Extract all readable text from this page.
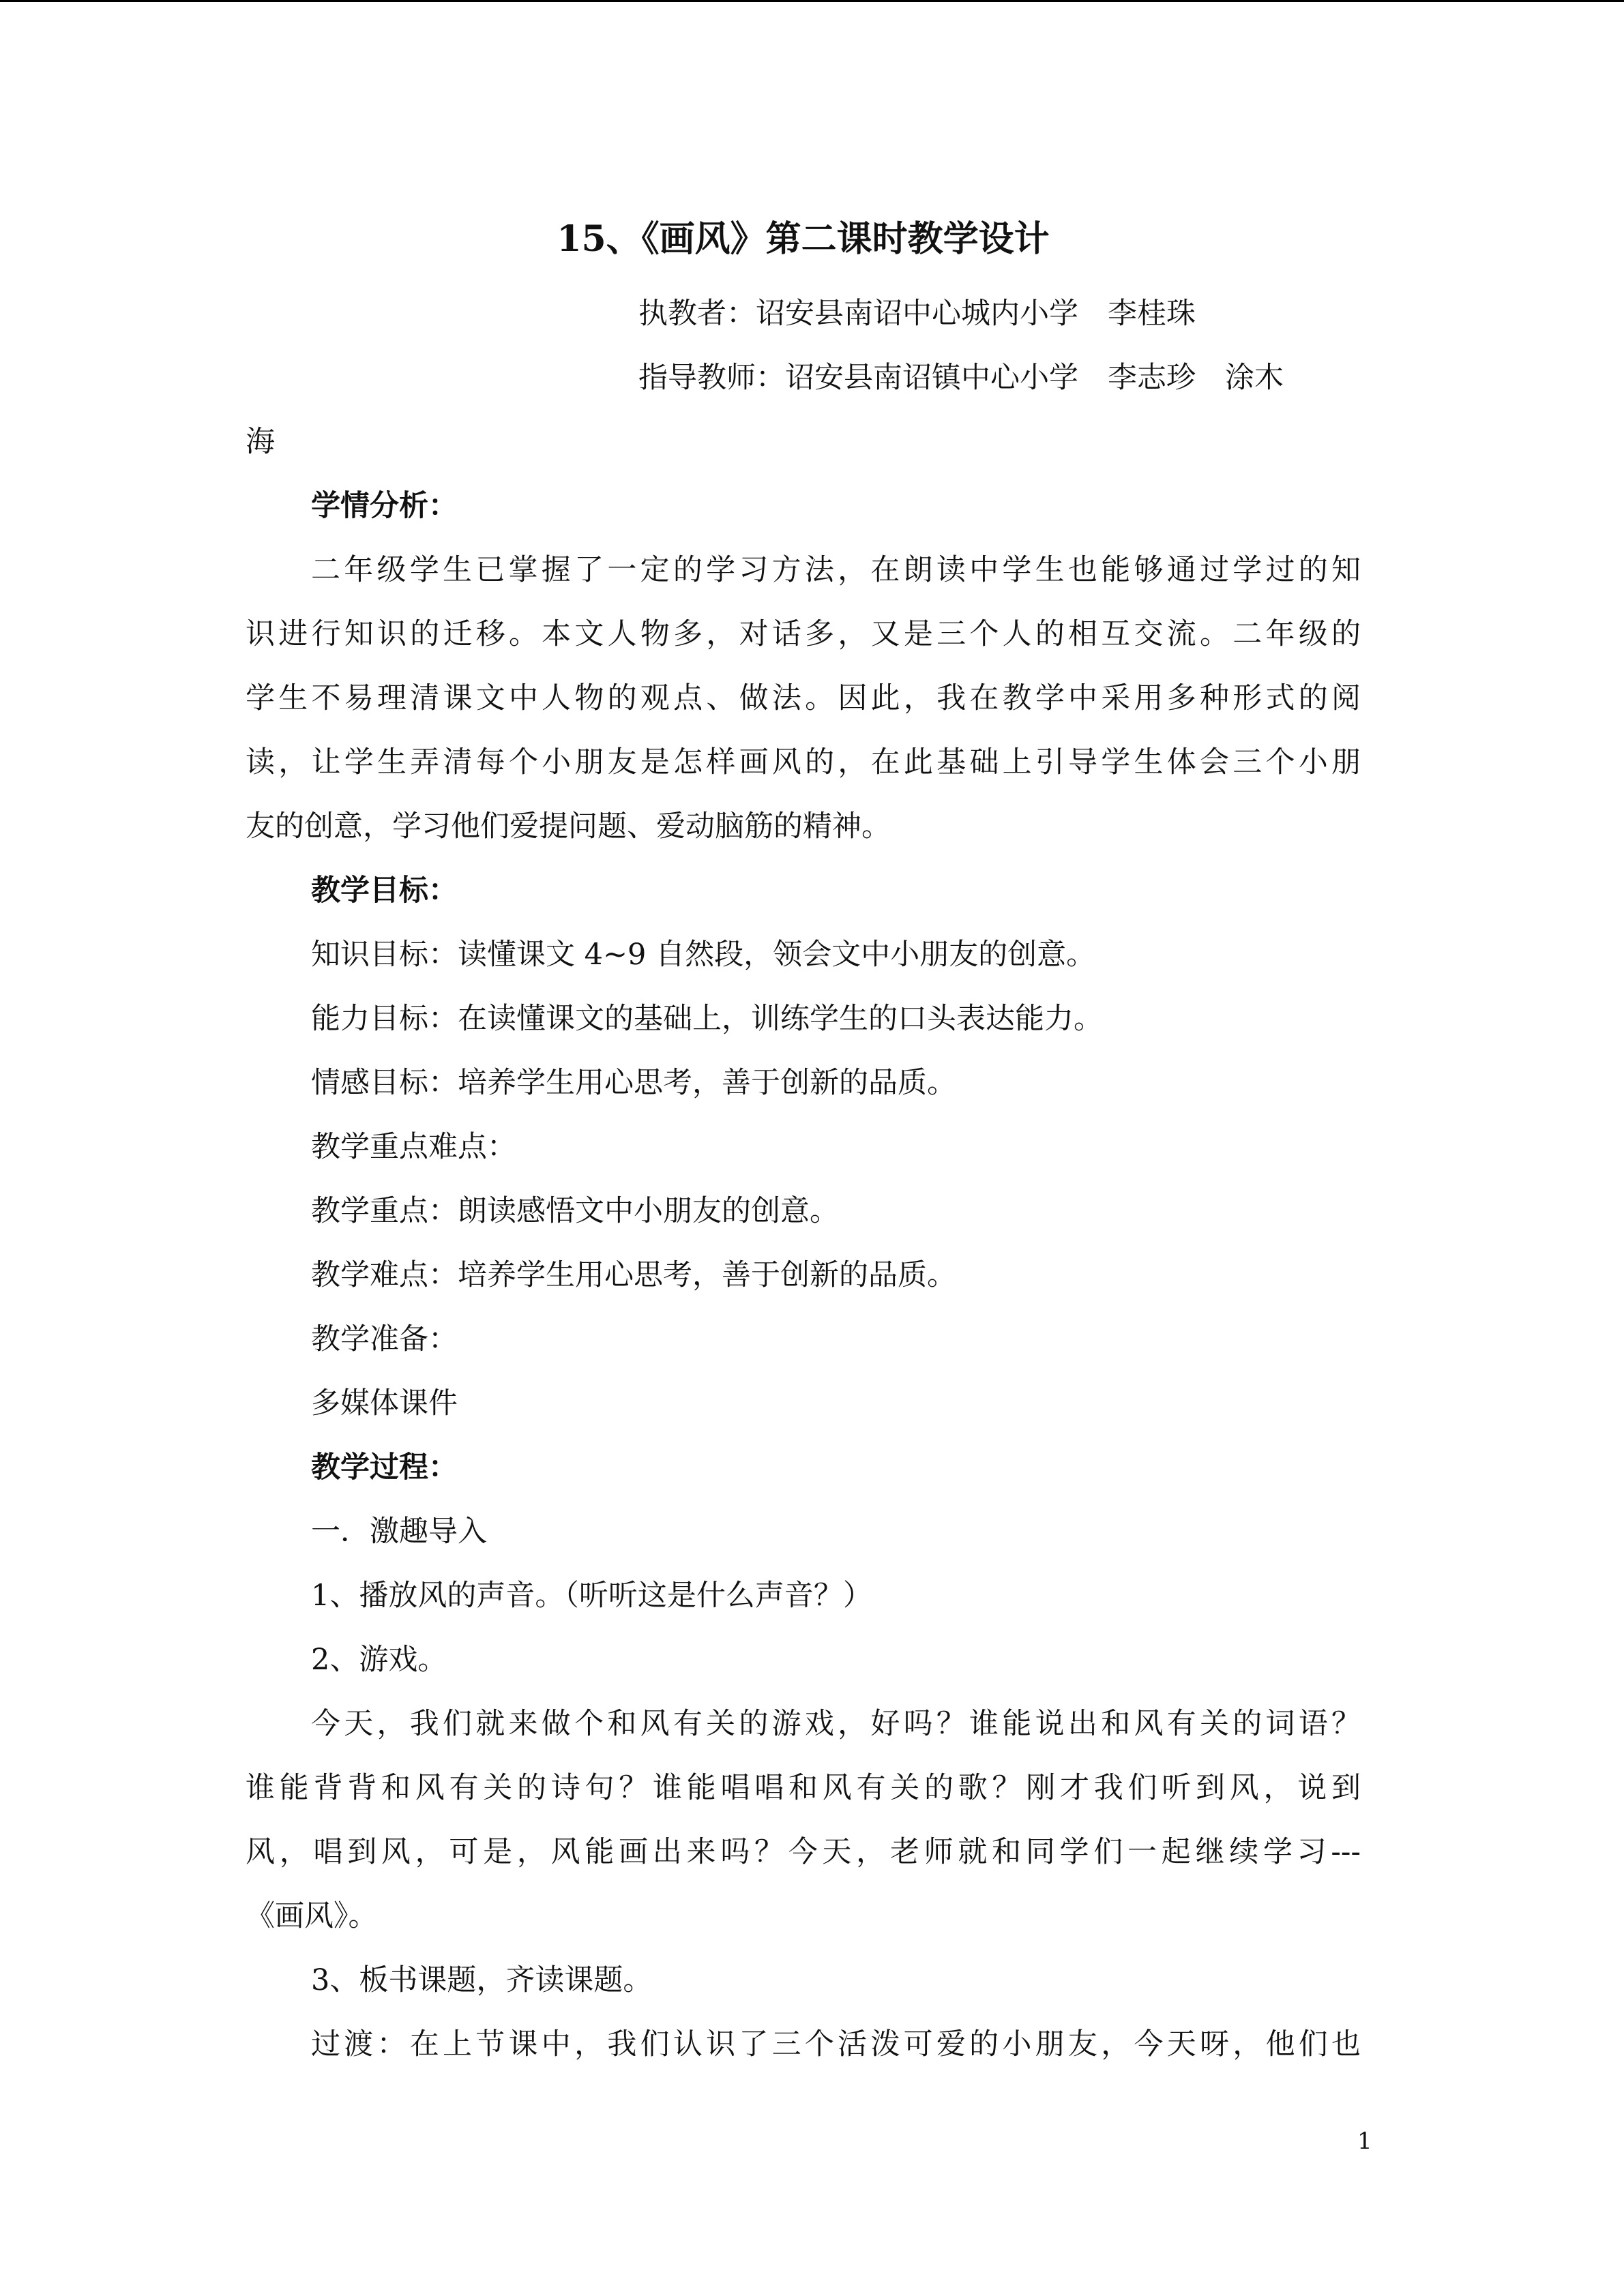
15、《画风》第二课时教学设计
执教者：诏安县南诏中心城内小学　李桂珠
指导教师：诏安县南诏镇中心小学　李志珍　涂木
海
学情分析：
二年级学生已掌握了一定的学习方法，在朗读中学生也能够通过学过的知
识进行知识的迁移。本文人物多，对话多，又是三个人的相互交流。二年级的
学生不易理清课文中人物的观点、做法。因此，我在教学中采用多种形式的阅
读，让学生弄清每个小朋友是怎样画风的，在此基础上引导学生体会三个小朋
友的创意，学习他们爱提问题、爱动脑筋的精神。
教学目标：
知识目标：读懂课文 4~9 自然段，领会文中小朋友的创意。
能力目标：在读懂课文的基础上，训练学生的口头表达能力。
情感目标：培养学生用心思考，善于创新的品质。
教学重点难点：
教学重点：朗读感悟文中小朋友的创意。
教学难点：培养学生用心思考，善于创新的品质。
教学准备：
多媒体课件
教学过程：
一．激趣导入
1、播放风的声音。（听听这是什么声音？）
2、游戏。
今天，我们就来做个和风有关的游戏，好吗？谁能说出和风有关的词语？
谁能背背和风有关的诗句？谁能唱唱和风有关的歌？刚才我们听到风，说到
风，唱到风，可是，风能画出来吗？今天，老师就和同学们一起继续学习---
《画风》。
3、板书课题，齐读课题。
过渡：在上节课中，我们认识了三个活泼可爱的小朋友，今天呀，他们也
1
